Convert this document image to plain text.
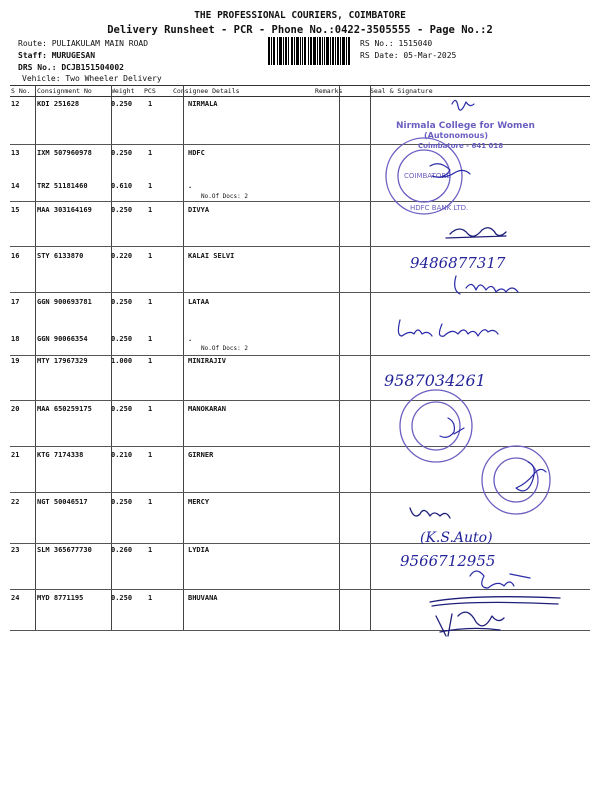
THE PROFESSIONAL COURIERS, COIMBATORE
Delivery Runsheet - PCR - Phone No.:0422-3505555 - Page No.:2
Route: PULIAKULAM MAIN ROAD
Staff: MURUGESAN
DRS No.: DCJB151504002
Vehicle: Two Wheeler Delivery
RS No.: 1515040
RS Date: 05-Mar-2025
S No. Consignment No	Weight PCS	Consignee Details	Remarks	Seal & Signature
12	KDI 251628	0.250 1	NIRMALA
13	IXM 507960978	0.250 1	HDFC
14	TRZ 51181460	0.610 1	.
No.Of Docs: 2
15	MAA 303164169	0.250 1	DIVYA
16	STY 6133870	0.220 1	KALAI SELVI
17	GGN 900693781	0.250 1	LATAA
18	GGN 90066354	0.250 1	.
No.Of Docs: 2
19	MTY 17967329	1.000 1	MINIRAJIV
20	MAA 650259175	0.250 1	MANOKARAN
21	KTG 7174338	0.210 1	GIRNER
22	NGT 50046517	0.250 1	MERCY
23	SLM 365677730	0.260 1	LYDIA
24	MYD 8771195	0.250 1	BHUVANA
Nirmala College for Women
(Autonomous)
Coimbatore - 641 018
COIMBATORE
HDFC BANK LTD.
9486877317
9587034261
(K.S.Auto)
9566712955
